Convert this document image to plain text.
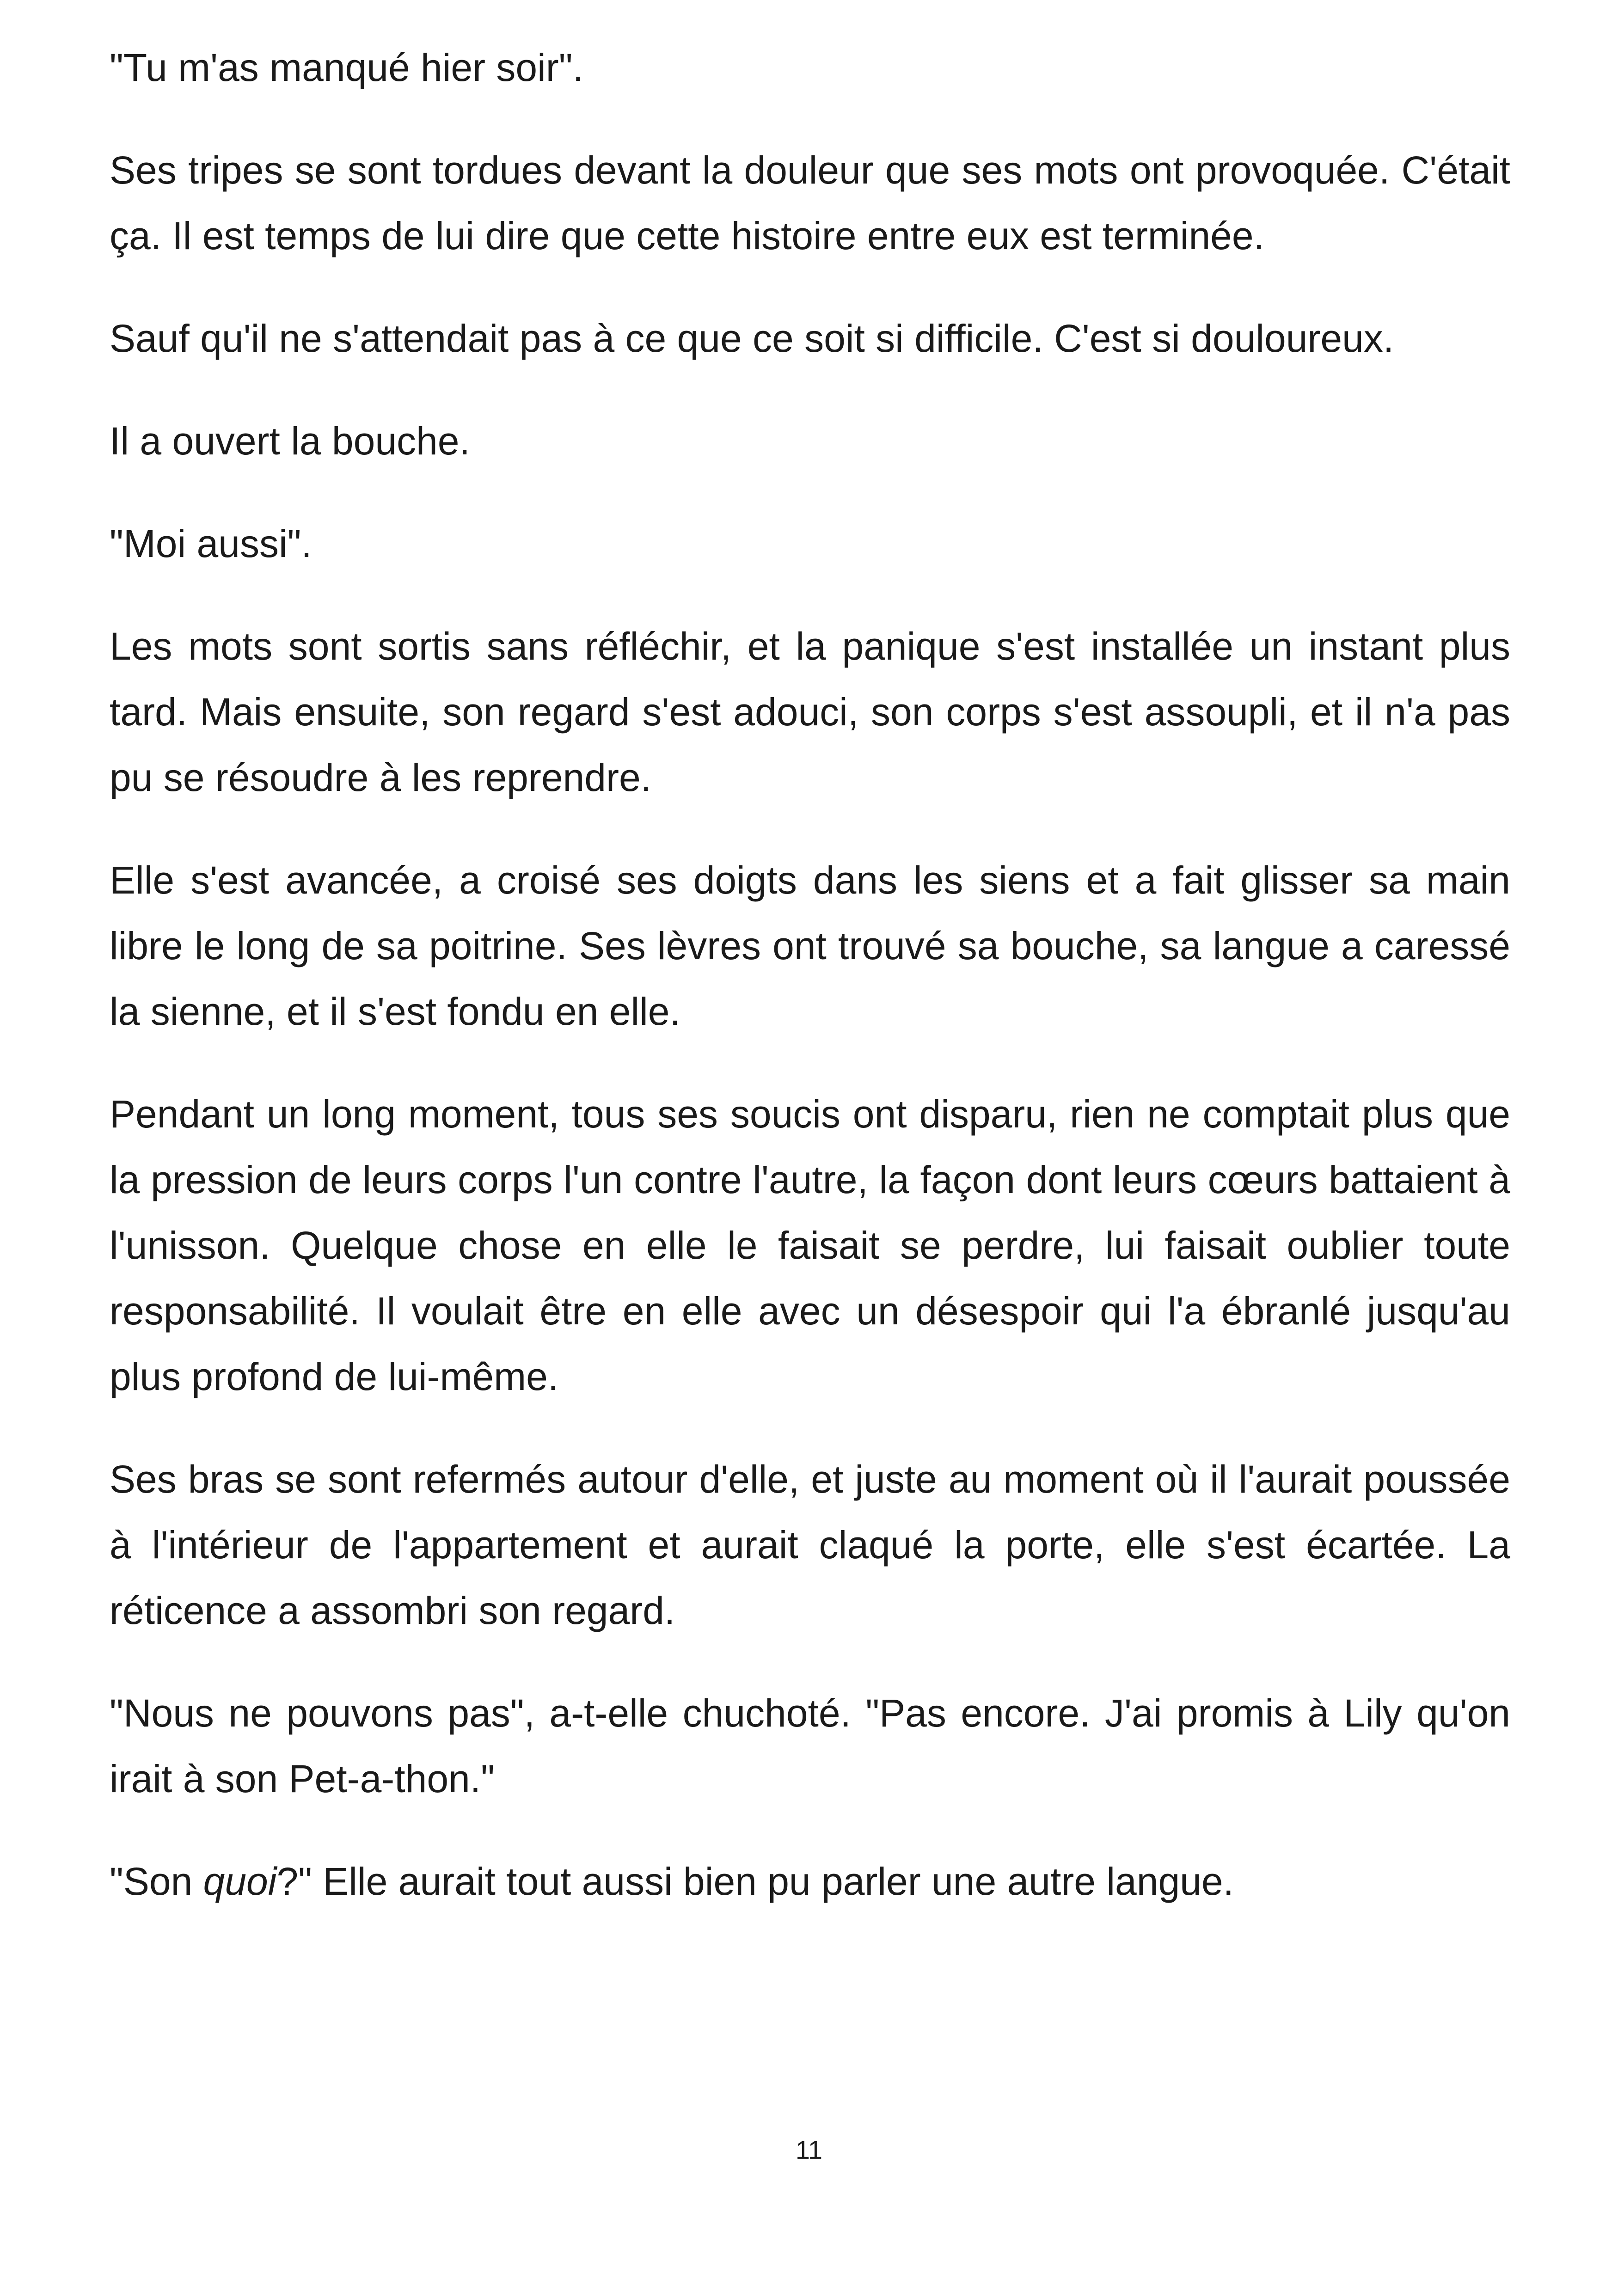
"Tu m'as manqué hier soir".

Ses tripes se sont tordues devant la douleur que ses mots ont provoquée. C'était ça. Il est temps de lui dire que cette histoire entre eux est terminée.

Sauf qu'il ne s'attendait pas à ce que ce soit si difficile. C'est si douloureux.

Il a ouvert la bouche.

"Moi aussi".

Les mots sont sortis sans réfléchir, et la panique s'est installée un instant plus tard. Mais ensuite, son regard s'est adouci, son corps s'est assoupli, et il n'a pas pu se résoudre à les reprendre.

Elle s'est avancée, a croisé ses doigts dans les siens et a fait glisser sa main libre le long de sa poitrine. Ses lèvres ont trouvé sa bouche, sa langue a caressé la sienne, et il s'est fondu en elle.

Pendant un long moment, tous ses soucis ont disparu, rien ne comptait plus que la pression de leurs corps l'un contre l'autre, la façon dont leurs cœurs battaient à l'unisson. Quelque chose en elle le faisait se perdre, lui faisait oublier toute responsabilité. Il voulait être en elle avec un désespoir qui l'a ébranlé jusqu'au plus profond de lui-même.

Ses bras se sont refermés autour d'elle, et juste au moment où il l'aurait poussée à l'intérieur de l'appartement et aurait claqué la porte, elle s'est écartée. La réticence a assombri son regard.

"Nous ne pouvons pas", a-t-elle chuchoté. "Pas encore. J'ai promis à Lily qu'on irait à son Pet-a-thon."

"Son quoi?" Elle aurait tout aussi bien pu parler une autre langue.

11
